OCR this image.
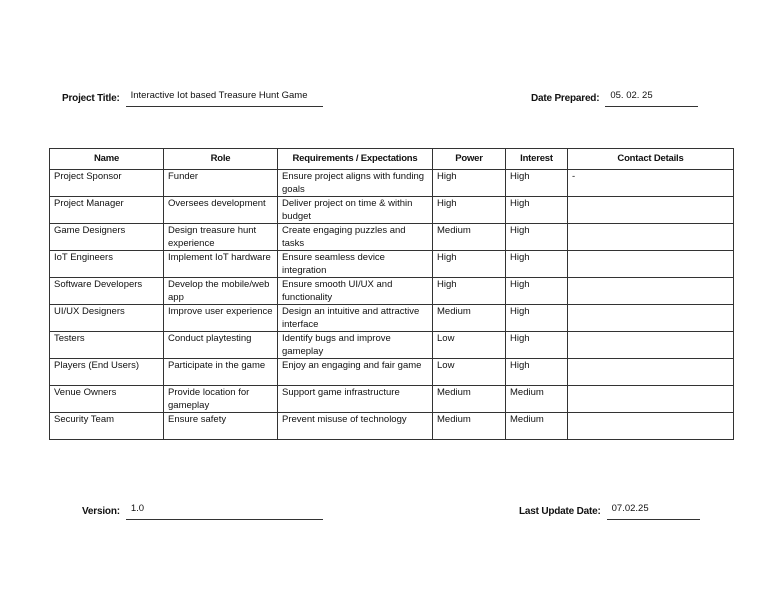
Project Title:	Interactive Iot based Treasure Hunt Game	Date Prepared:	05. 02. 25
Name	Role	Requirements / Expectations	Power	Interest	Contact Details
Project Sponsor	Funder	Ensure project aligns with funding goals	High	High	-
Project Manager	Oversees development	Deliver project on time & within budget	High	High	
Game Designers	Design treasure hunt experience	Create engaging puzzles and tasks	Medium	High	
IoT Engineers	Implement IoT hardware	Ensure seamless device integration	High	High	
Software Developers	Develop the mobile/web app	Ensure smooth UI/UX and functionality	High	High	
UI/UX Designers	Improve user experience	Design an intuitive and attractive interface	Medium	High	
Testers	Conduct playtesting	Identify bugs and improve gameplay	Low	High	
Players (End Users)	Participate in the game	Enjoy an engaging and fair game	Low	High	
Venue Owners	Provide location for gameplay	Support game infrastructure	Medium	Medium	
Security Team	Ensure safety	Prevent misuse of technology	Medium	Medium	
Version:	1.0	Last Update Date:	07.02.25
